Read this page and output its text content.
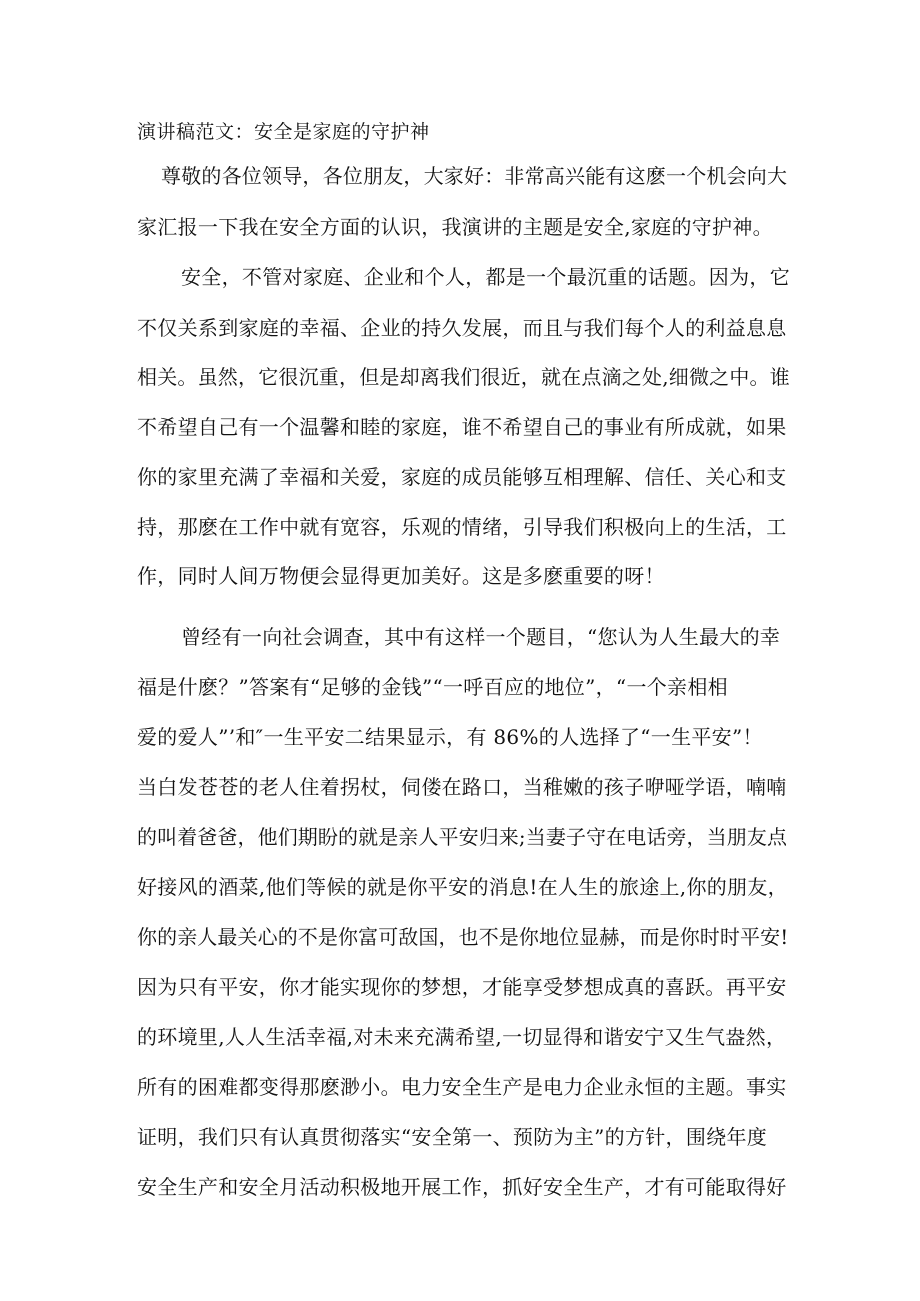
演讲稿范文：安全是家庭的守护神

尊敬的各位领导，各位朋友，大家好：非常高兴能有这麽一个机会向大

家汇报一下我在安全方面的认识，我演讲的主题是安全,家庭的守护神。

安全，不管对家庭、企业和个人，都是一个最沉重的话题。因为，它

不仅关系到家庭的幸福、企业的持久发展，而且与我们每个人的利益息息

相关。虽然，它很沉重，但是却离我们很近，就在点滴之处,细微之中。谁

不希望自己有一个温馨和睦的家庭，谁不希望自己的事业有所成就，如果

你的家里充满了幸福和关爱，家庭的成员能够互相理解、信任、关心和支

持，那麽在工作中就有宽容，乐观的情绪，引导我们积极向上的生活，工

作，同时人间万物便会显得更加美好。这是多麽重要的呀！

曾经有一向社会调查，其中有这样一个题目，“您认为人生最大的幸

福是什麽？”答案有“足够的金钱”“一呼百应的地位”，“一个亲相相

爱的爱人”’和″一生平安二结果显示，有 86%的人选择了“一生平安”！

当白发苍苍的老人住着拐杖，伺偻在路口，当稚嫩的孩子咿哑学语，喃喃

的叫着爸爸，他们期盼的就是亲人平安归来;当妻子守在电话旁，当朋友点

好接风的酒菜,他们等候的就是你平安的消息!在人生的旅途上,你的朋友，

你的亲人最关心的不是你富可敌国，也不是你地位显赫，而是你时时平安!

因为只有平安，你才能实现你的梦想，才能享受梦想成真的喜跃。再平安

的环境里,人人生活幸福,对未来充满希望,一切显得和谐安宁又生气盎然，

所有的困难都变得那麽渺小。电力安全生产是电力企业永恒的主题。事实

证明，我们只有认真贯彻落实“安全第一、预防为主”的方针，围绕年度

安全生产和安全月活动积极地开展工作，抓好安全生产，才有可能取得好
